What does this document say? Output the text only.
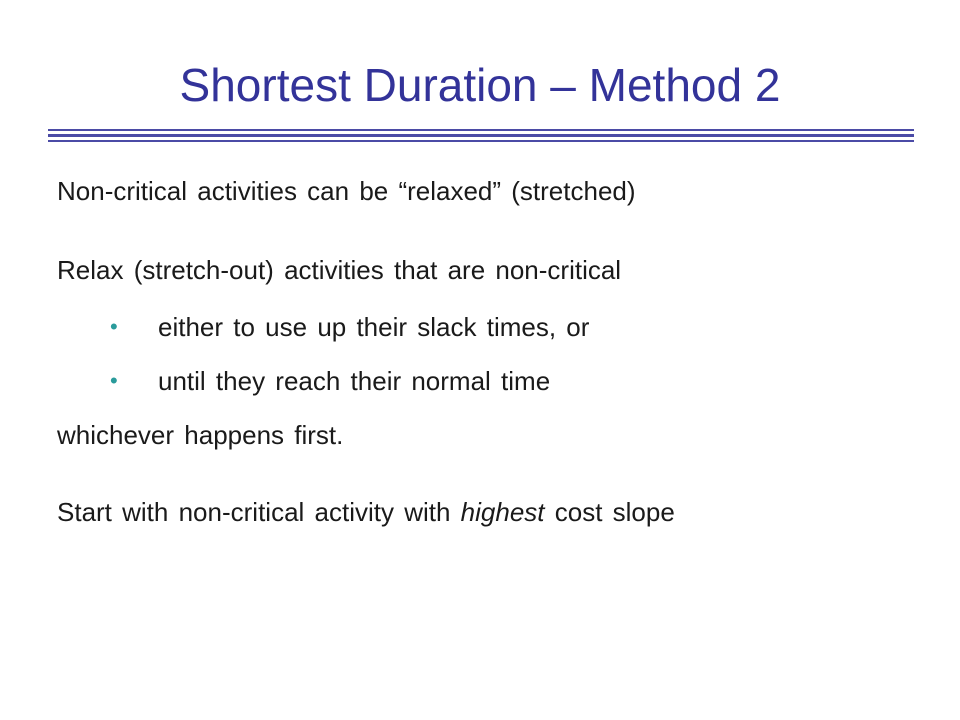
Shortest Duration – Method 2
Non-critical activities can be “relaxed” (stretched)
Relax (stretch-out) activities that are non-critical
• either to use up their slack times, or
• until they reach their normal time
whichever happens first.
Start with non-critical activity with highest cost slope
